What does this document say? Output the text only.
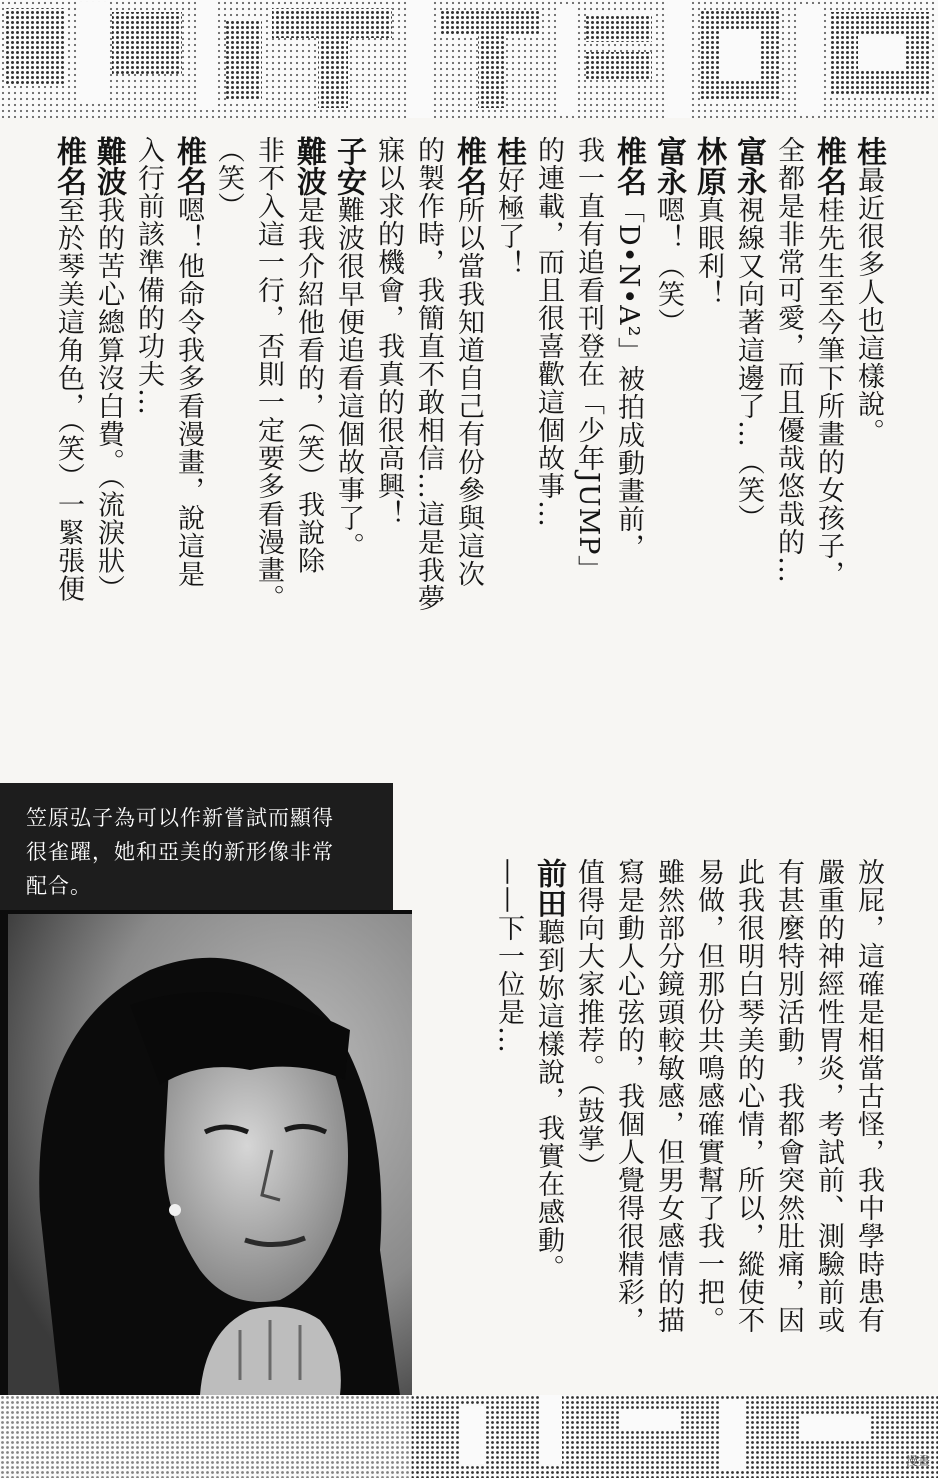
桂最近很多人也這樣說。
椎名桂先生至今筆下所畫的女孩子，
全都是非常可愛，而且優哉悠哉的…
富永視線又向著這邊了…（笑）
林原真眼利！
富永嗯！（笑）
椎名「D•N•A²」被拍成動畫前，
我一直有追看刊登在「少年JUMP」
的連載，而且很喜歡這個故事…
桂好極了！
椎名所以當我知道自己有份參與這次
的製作時，我簡直不敢相信…這是我夢
寐以求的機會，我真的很高興！
子安難波很早便追看這個故事了。
難波是我介紹他看的，（笑）我說除
非不入這一行，否則一定要多看漫畫。
（笑）
椎名嗯！他命令我多看漫畫，說這是
入行前該準備的功夫…
難波我的苦心總算沒白費。（流淚狀）
椎名至於琴美這角色，（笑）一緊張便
放屁，這確是相當古怪，我中學時患有
嚴重的神經性胃炎，考試前、測驗前或
有甚麼特別活動，我都會突然肚痛，因
此我很明白琴美的心情，所以，縱使不
易做，但那份共鳴感確實幫了我一把。
雖然部分鏡頭較敏感，但男女感情的描
寫是動人心弦的，我個人覺得很精彩，
值得向大家推荐。（鼓掌）
前田聽到妳這樣說，我實在感動。
——下一位是…
笠原弘子為可以作新嘗試而顯得
很雀躍，她和亞美的新形像非常
配合。
漫畫
